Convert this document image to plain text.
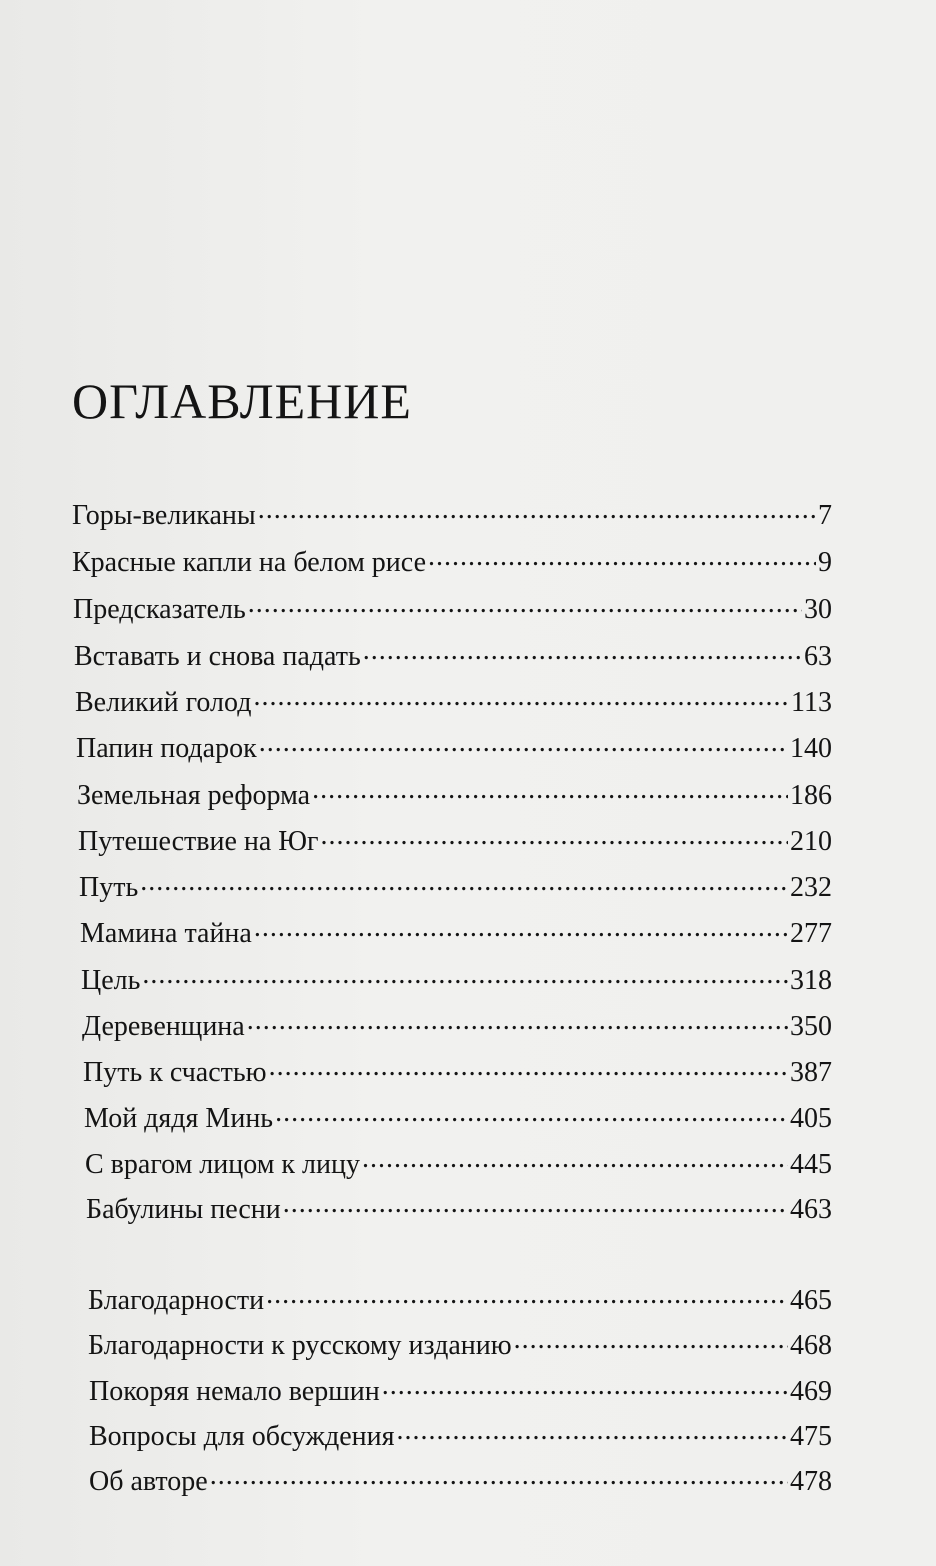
ОГЛАВЛЕНИЕ
Горы-великаны .....	7
Красные капли на белом рисе .....	9
Предсказатель .....	30
Вставать и снова падать .....	63
Великий голод .....	113
Папин подарок .....	140
Земельная реформа .....	186
Путешествие на Юг .....	210
Путь .....	232
Мамина тайна .....	277
Цель .....	318
Деревенщина .....	350
Путь к счастью .....	387
Мой дядя Минь .....	405
С врагом лицом к лицу .....	445
Бабулины песни .....	463
Благодарности .....	465
Благодарности к русскому изданию .....	468
Покоряя немало вершин .....	469
Вопросы для обсуждения .....	475
Об авторе .....	478
